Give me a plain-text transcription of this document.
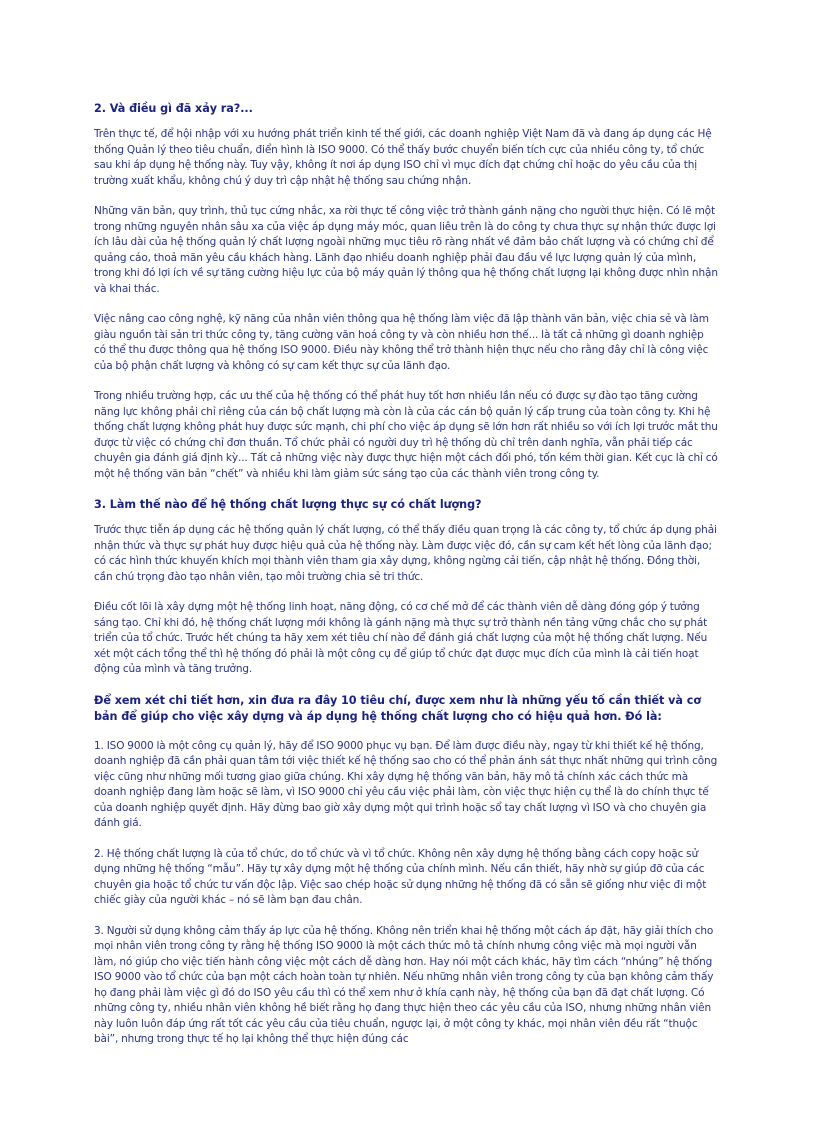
2. Và điều gì đã xảy ra?...

Trên thực tế, để hội nhập với xu hướng phát triển kinh tế thế giới, các doanh nghiệp Việt Nam đã và đang áp dụng các Hệ thống Quản lý theo tiêu chuẩn, điển hình là ISO 9000. Có thể thấy bước chuyển biến tích cực của nhiều công ty, tổ chức sau khi áp dụng hệ thống này. Tuy vậy, không ít nơi áp dụng ISO chỉ vì mục đích đạt chứng chỉ hoặc do yêu cầu của thị trường xuất khẩu, không chú ý duy trì cập nhật hệ thống sau chứng nhận.

Những văn bản, quy trình, thủ tục cứng nhắc, xa rời thực tế công việc trở thành gánh nặng cho người thực hiện. Có lẽ một trong những nguyên nhân sâu xa của việc áp dụng máy móc, quan liêu trên là do công ty chưa thực sự nhận thức được lợi ích lâu dài của hệ thống quản lý chất lượng ngoài những mục tiêu rõ ràng nhất về đảm bảo chất lượng và có chứng chỉ để quảng cáo, thoả mãn yêu cầu khách hàng. Lãnh đạo nhiều doanh nghiệp phải đau đầu về lực lượng quản lý của mình, trong khi đó lợi ích về sự tăng cường hiệu lực của bộ máy quản lý thông qua hệ thống chất lượng lại không được nhìn nhận và khai thác.

Việc nâng cao công nghệ, kỹ năng của nhân viên thông qua hệ thống làm việc đã lập thành văn bản, việc chia sẻ và làm giàu nguồn tài sản tri thức công ty, tăng cường văn hoá công ty và còn nhiều hơn thế... là tất cả những gì doanh nghiệp có thể thu được thông qua hệ thống ISO 9000. Điều này không thể trở thành hiện thực nếu cho rằng đây chỉ là công việc của bộ phận chất lượng và không có sự cam kết thực sự của lãnh đạo.

Trong nhiều trường hợp, các ưu thế của hệ thống có thể phát huy tốt hơn nhiều lần nếu có được sự đào tạo tăng cường năng lực không phải chỉ riêng của cán bộ chất lượng mà còn là của các cán bộ quản lý cấp trung của toàn công ty. Khi hệ thống chất lượng không phát huy được sức mạnh, chi phí cho việc áp dụng sẽ lớn hơn rất nhiều so với ích lợi trước mắt thu được từ việc có chứng chỉ đơn thuần. Tổ chức phải có người duy trì hệ thống dù chỉ trên danh nghĩa, vẫn phải tiếp các chuyên gia đánh giá định kỳ... Tất cả những việc này được thực hiện một cách đối phó, tốn kém thời gian. Kết cục là chỉ có một hệ thống văn bản “chết” và nhiều khi làm giảm sức sáng tạo của các thành viên trong công ty.

3. Làm thế nào để hệ thống chất lượng thực sự có chất lượng?

Trước thực tiễn áp dụng các hệ thống quản lý chất lượng, có thể thấy điều quan trọng là các công ty, tổ chức áp dụng phải nhận thức và thực sự phát huy được hiệu quả của hệ thống này. Làm được việc đó, cần sự cam kết hết lòng của lãnh đạo; có các hình thức khuyến khích mọi thành viên tham gia xây dựng, không ngừng cải tiến, cập nhật hệ thống. Đồng thời, cần chú trọng đào tạo nhân viên, tạo môi trường chia sẻ tri thức.

Điều cốt lõi là xây dựng một hệ thống linh hoạt, năng động, có cơ chế mở để các thành viên dễ dàng đóng góp ý tưởng sáng tạo. Chỉ khi đó, hệ thống chất lượng mới không là gánh nặng mà thực sự trở thành nền tảng vững chắc cho sự phát triển của tổ chức. Trước hết chúng ta hãy xem xét tiêu chí nào để đánh giá chất lượng của một hệ thống chất lượng. Nếu xét một cách tổng thể thì hệ thống đó phải là một công cụ để giúp tổ chức đạt được mục đích của mình là cải tiến hoạt động của mình và tăng trưởng.

Để xem xét chi tiết hơn, xin đưa ra đây 10 tiêu chí, được xem như là những yếu tố cần thiết và cơ bản để giúp cho việc xây dựng và áp dụng hệ thống chất lượng cho có hiệu quả hơn. Đó là:

1. ISO 9000 là một công cụ quản lý, hãy để ISO 9000 phục vụ bạn. Để làm được điều này, ngay từ khi thiết kế hệ thống, doanh nghiệp đã cần phải quan tâm tới việc thiết kế hệ thống sao cho có thể phản ánh sát thực nhất những qui trình công việc cũng như những mối tương giao giữa chúng. Khi xây dựng hệ thống văn bản, hãy mô tả chính xác cách thức mà doanh nghiệp đang làm hoặc sẽ làm, vì ISO 9000 chỉ yêu cầu việc phải làm, còn việc thực hiện cụ thể là do chính thực tế của doanh nghiệp quyết định. Hãy đừng bao giờ xây dựng một qui trình hoặc sổ tay chất lượng vì ISO và cho chuyên gia đánh giá.

2. Hệ thống chất lượng là của tổ chức, do tổ chức và vì tổ chức. Không nên xây dựng hệ thống bằng cách copy hoặc sử dụng những hệ thống “mẫu”. Hãy tự xây dựng một hệ thống của chính mình. Nếu cần thiết, hãy nhờ sự giúp đỡ của các chuyên gia hoặc tổ chức tư vấn độc lập. Việc sao chép hoặc sử dụng những hệ thống đã có sẵn sẽ giống như việc đi một chiếc giày của người khác – nó sẽ làm bạn đau chân.

3. Người sử dụng không cảm thấy áp lực của hệ thống. Không nên triển khai hệ thống một cách áp đặt, hãy giải thích cho mọi nhân viên trong công ty rằng hệ thống ISO 9000 là một cách thức mô tả chính nhưng công việc mà mọi người vẫn làm, nó giúp cho việc tiến hành công việc một cách dễ dàng hơn. Hay nói một cách khác, hãy tìm cách “nhúng” hệ thống ISO 9000 vào tổ chức của bạn một cách hoàn toàn tự nhiên. Nếu những nhân viên trong công ty của bạn không cảm thấy họ đang phải làm việc gì đó do ISO yêu cầu thì có thể xem như ở khía cạnh này, hệ thống của bạn đã đạt chất lượng. Có những công ty, nhiều nhân viên không hề biết rằng họ đang thực hiện theo các yêu cầu của ISO, nhưng những nhân viên này luôn luôn đáp ứng rất tốt các yêu cầu của tiêu chuẩn, ngược lại, ở một công ty khác, mọi nhân viên đều rất “thuộc bài”, nhưng trong thực tế họ lại không thể thực hiện đúng các
